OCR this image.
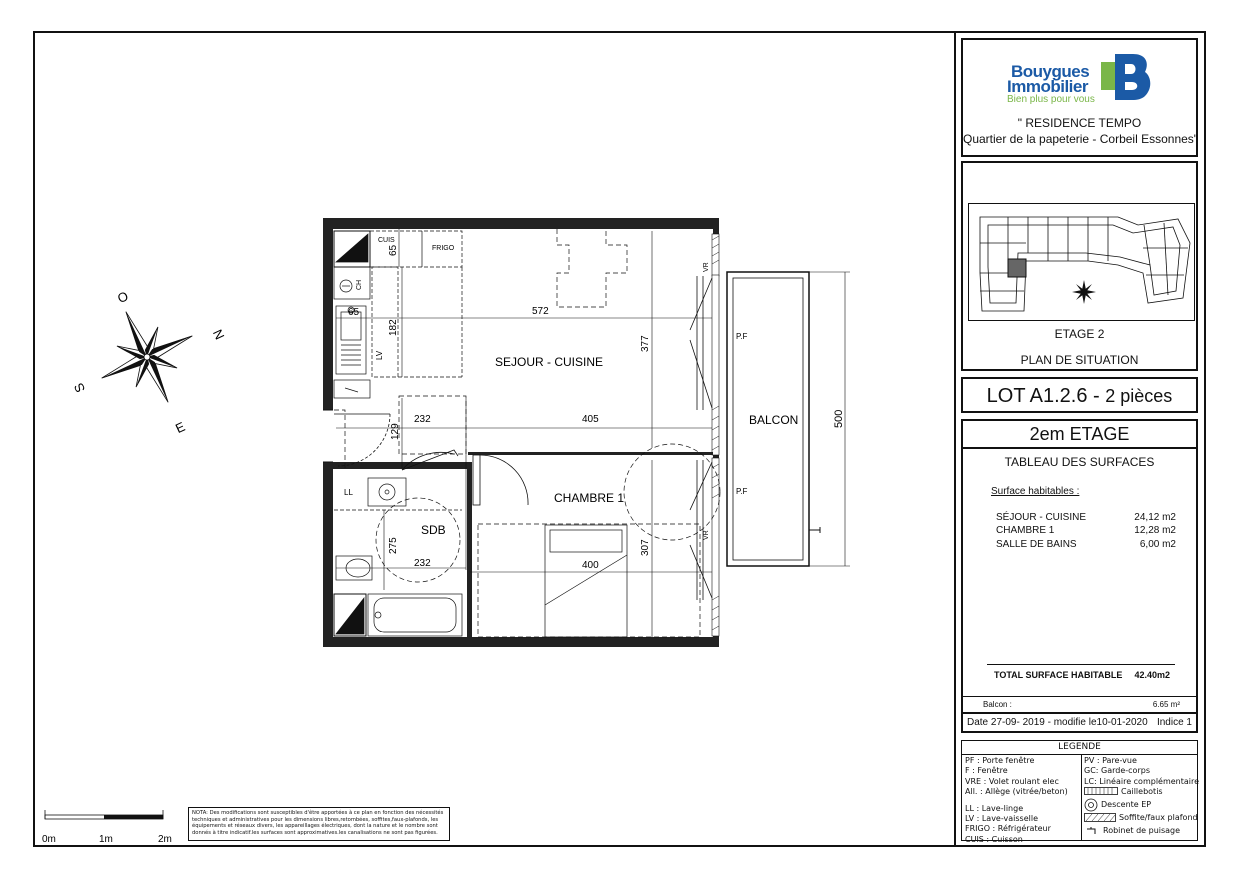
O
N
S
E
SEJOUR - CUISINE
CHAMBRE 1
SDB
BALCON
CUIS
FRIGO
CH
LV
LL
VR
VR
P.F
P.F
65
65
182
572
377
232	405
129
275
232	400
307
500
0m	1m	2m
NOTA: Des modifications sont susceptibles d'être apportées à ce plan en fonction des nécessités
techniques et administratives pour les dimensions libres,retombées, soffites,faux-plafonds, les
équipements et réseaux divers, les appareillages électriques, dont la nature et le nombre sont
donnés à titre indicatif.les surfaces sont approximatives.les canalisations ne sont pas figurées.
Bouygues
Immobilier
Bien plus pour vous
" RESIDENCE TEMPO
Quartier de la papeterie - Corbeil Essonnes"
ETAGE 2
PLAN DE SITUATION
LOT A1.2.6 - 2 pièces
2em ETAGE
TABLEAU DES SURFACES
Surface habitables :
SÉJOUR - CUISINE	24,12 m2
CHAMBRE 1	12,28 m2
SALLE DE BAINS	6,00 m2
TOTAL SURFACE HABITABLE 42.40m2
Balcon :	6.65 m²
Date 27-09- 2019 - modifie le10-01-2020 Indice 1
LEGENDE
PF : Porte fenêtre
F : Fenêtre
VRE : Volet roulant elec
All. : Allège (vitrée/beton)
LL : Lave-linge
LV : Lave-vaisselle
FRIGO : Réfrigérateur
CUIS : Cuisson
PV : Pare-vue
GC: Garde-corps
LC: Linéaire complémentaire
Caillebotis
Descente EP
Soffite/faux plafond
Robinet de puisage
